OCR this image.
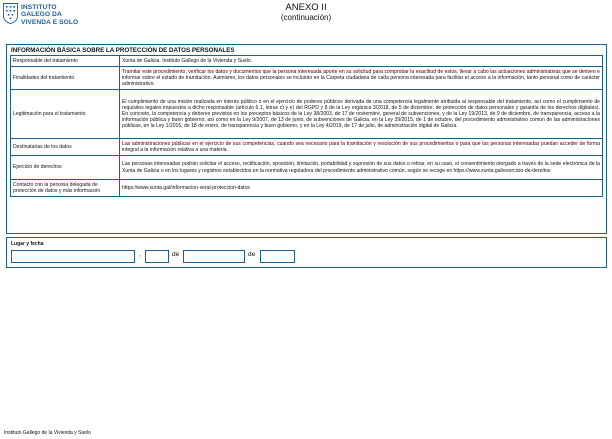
INSTITUTO
GALEGO DA
VIVENDA E SOLO
ANEXO II
(continuación)
INFORMACIÓN BÁSICA SOBRE LA PROTECCIÓN DE DATOS PERSONALES
Responsable del tratamiento	Xunta de Galicia. Instituto Gallego de la Vivienda y Suelo.
Finalidades del tratamiento	Tramitar este procedimiento, verificar los datos y documentos que la persona interesada aporte en su solicitud para comprobar la exactitud de estos, llevar a cabo las actuaciones administrativas que se deriven e informar sobre el estado de tramitación. Asimismo, los datos personales se incluirán en la Carpeta ciudadana de cada persona interesada para facilitar el acceso a la información, tanto personal como de carácter administrativo.
Legitimación para el tratamiento	El cumplimiento de una misión realizada en interés público o en el ejercicio de poderes públicos derivada de una competencia legalmente atribuida al responsable del tratamiento, así como el cumplimiento de requisitos legales impuestos a dicho responsable (artículo 6.1, letras c) y e) del RGPD y 8 de la Ley orgánica 3/2018, de 5 de diciembre, de protección de datos personales y garantía de los derechos digitales). En concreto, la competencia y deberes previstos en los preceptos básicos de la Ley 38/2003, de 17 de noviembre, general de subvenciones, y de la Ley 19/2013, de 9 de diciembre, de transparencia, acceso a la información pública y buen gobierno, así como en la Ley 9/2007, de 13 de junio, de subvenciones de Galicia, en la Ley 39/2015, de 1 de octubre, del procedimiento administrativo común de las administraciones públicas, en la Ley 1/2016, de 18 de enero, de transparencia y buen gobierno, y en la Ley 4/2019, de 17 de julio, de administración digital de Galicia.
Destinatarias de los datos	Las administraciones públicas en el ejercicio de sus competencias, cuando sea necesario para la tramitación y resolución de sus procedimientos o para que las personas interesadas puedan acceder de forma integral a la información relativa a una materia.
Ejercicio de derechos	Las personas interesadas podrán solicitar el acceso, rectificación, oposición, limitación, portabilidad y supresión de sus datos o retirar, en su caso, el consentimiento otorgado a través de la sede electrónica de la Xunta de Galicia o en los lugares y registros establecidos en la normativa reguladora del procedimiento administrativo común, según se recoge en https://www.xunta.gal/exercicio-de-dereitos
Contacto con la persona delegada de protección de datos y más información	https://www.xunta.gal/informacion-xeral-proteccion-datos
Lugar y fecha
,	de	de
Instituto Gallego de la Vivienda y Suelo
